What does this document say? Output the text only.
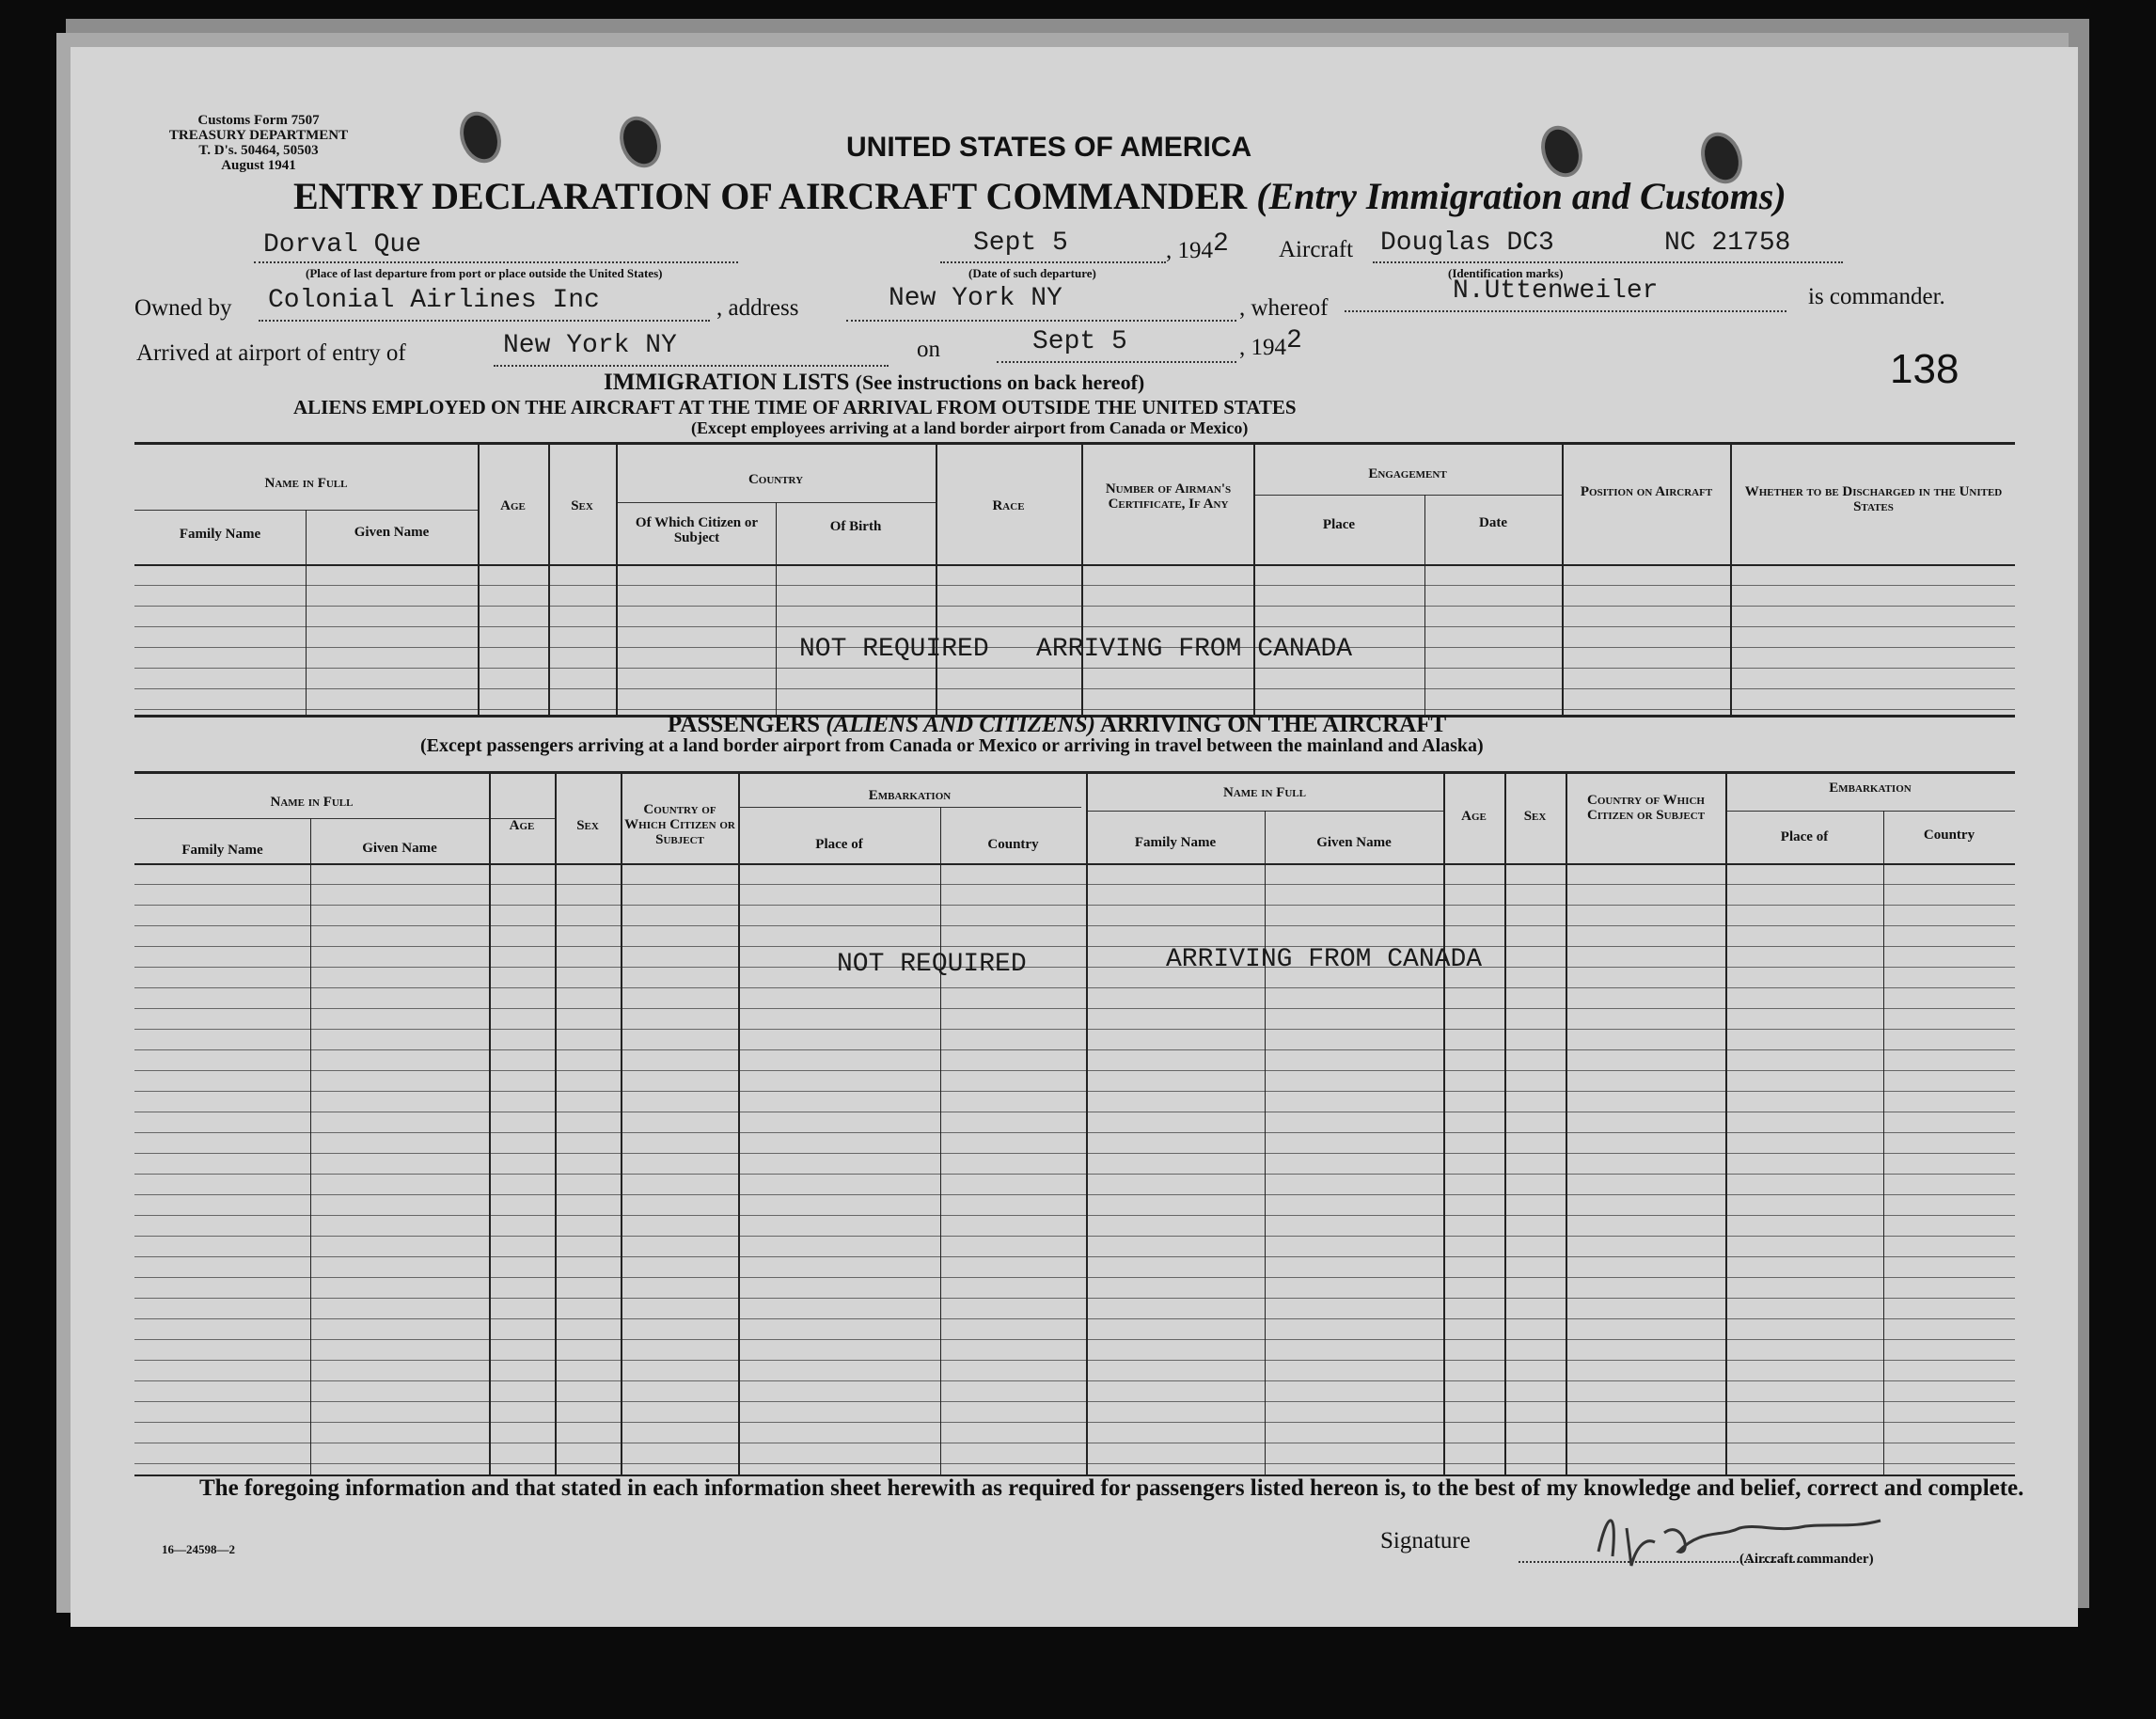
Customs Form 7507
TREASURY DEPARTMENT
T. D's. 50464, 50503
August 1941
UNITED STATES OF AMERICA
ENTRY DECLARATION OF AIRCRAFT COMMANDER (Entry Immigration and Customs)
Dorval Que
(Place of last departure from port or place outside the United States)
Sept 5
(Date of such departure)
, 1942 Aircraft Douglas DC3	NC 21758
(Identification marks)
Owned by Colonial Airlines Inc	, address	New York NY	, whereof
N.Uttenweiler	is commander.
Arrived at airport of entry of	New York NY	on	Sept 5	, 1942
138
IMMIGRATION LISTS (See instructions on back hereof)
ALIENS EMPLOYED ON THE AIRCRAFT AT THE TIME OF ARRIVAL FROM OUTSIDE THE UNITED STATES
(Except employees arriving at a land border airport from Canada or Mexico)
Name in Full
Family Name	Given Name
Age	Sex
Country
Of Which Citizen or Subject
Of Birth
Race
Number of Airman's Certificate, If Any
Engagement
Place	Date
Position on Aircraft	Whether to be Discharged in the United States
NOT REQUIRED   ARRIVING FROM CANADA
PASSENGERS (ALIENS AND CITIZENS) ARRIVING ON THE AIRCRAFT
(Except passengers arriving at a land border airport from Canada or Mexico or arriving in travel between the mainland and Alaska)
Name in Full
Family Name	Given Name
Age	Sex
Country of Which Citizen or Subject
Embarkation
Place of	Country
Name in Full
Family Name	Given Name
Age	Sex
Country of Which Citizen or Subject
Embarkation
Place of	Country
NOT REQUIRED	ARRIVING FROM CANADA
The foregoing information and that stated in each information sheet herewith as required for passengers listed hereon is, to the best of my knowledge and belief, correct and complete.
Signature
(Aircraft commander)
16—24598—2
